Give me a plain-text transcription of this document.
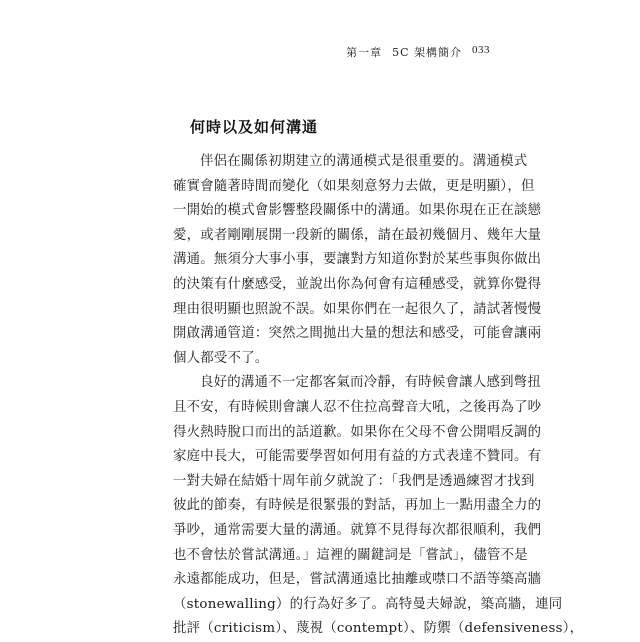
第一章 5C 架構簡介 033
何時以及如何溝通
伴侶在關係初期建立的溝通模式是很重要的。溝通模式
確實會隨著時間而變化（如果刻意努力去做，更是明顯），但
一開始的模式會影響整段關係中的溝通。如果你現在正在談戀
愛，或者剛剛展開一段新的關係，請在最初幾個月、幾年大量
溝通。無須分大事小事，要讓對方知道你對於某些事與你做出
的決策有什麼感受，並說出你為何會有這種感受，就算你覺得
理由很明顯也照說不誤。如果你們在一起很久了，請試著慢慢
開啟溝通管道：突然之間拋出大量的想法和感受，可能會讓兩
個人都受不了。
良好的溝通不一定都客氣而冷靜，有時候會讓人感到彆扭
且不安，有時候則會讓人忍不住拉高聲音大吼，之後再為了吵
得火熱時脫口而出的話道歉。如果你在父母不會公開唱反調的
家庭中長大，可能需要學習如何用有益的方式表達不贊同。有
一對夫婦在結婚十周年前夕就說了：「我們是透過練習才找到
彼此的節奏，有時候是很緊張的對話，再加上一點用盡全力的
爭吵，通常需要大量的溝通。就算不見得每次都很順利，我們
也不會怯於嘗試溝通。」這裡的關鍵詞是「嘗試」，儘管不是
永遠都能成功，但是，嘗試溝通遠比抽離或噤口不語等築高牆
（stonewalling）的行為好多了。高特曼夫婦說，築高牆，連同
批評（criticism）、蔑視（contempt）、防禦（defensiveness），
